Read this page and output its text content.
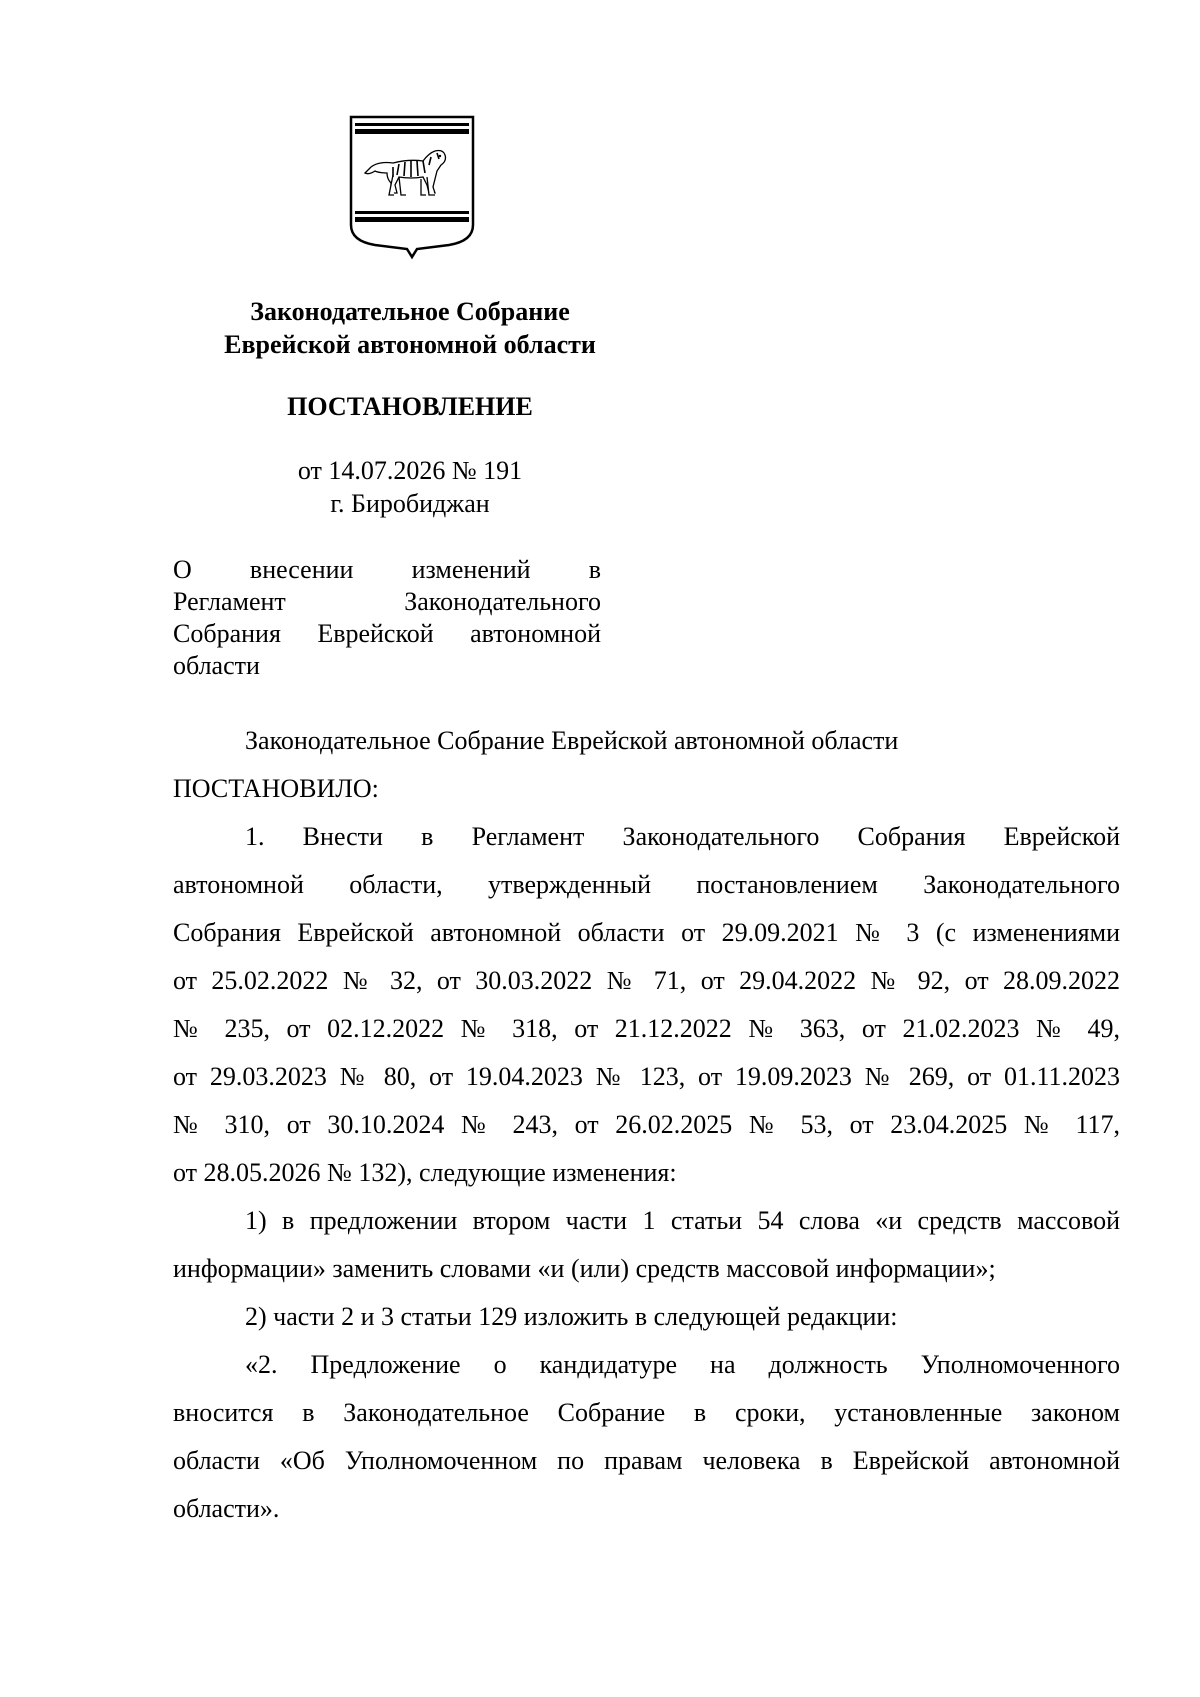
Законодательное Собрание
Еврейской автономной области
ПОСТАНОВЛЕНИЕ
от 14.07.2026 № 191
г. Биробиджан
О внесении изменений в
Регламент	Законодательного
Собрания Еврейской автономной
области
Законодательное Собрание Еврейской автономной области
ПОСТАНОВИЛО:
1. Внести в Регламент Законодательного Собрания Еврейской
автономной области, утвержденный постановлением Законодательного
Собрания Еврейской автономной области от 29.09.2021 № 3 (с изменениями
от 25.02.2022 № 32, от 30.03.2022 № 71, от 29.04.2022 № 92, от 28.09.2022
№ 235, от 02.12.2022 № 318, от 21.12.2022 № 363, от 21.02.2023 № 49,
от 29.03.2023 № 80, от 19.04.2023 № 123, от 19.09.2023 № 269, от 01.11.2023
№ 310, от 30.10.2024 № 243, от 26.02.2025 № 53, от 23.04.2025 № 117,
от 28.05.2026 № 132), следующие изменения:
1) в предложении втором части 1 статьи 54 слова «и средств массовой
информации» заменить словами «и (или) средств массовой информации»;
2) части 2 и 3 статьи 129 изложить в следующей редакции:
«2. Предложение о кандидатуре на должность Уполномоченного
вносится в Законодательное Собрание в сроки, установленные законом
области «Об Уполномоченном по правам человека в Еврейской автономной
области».
